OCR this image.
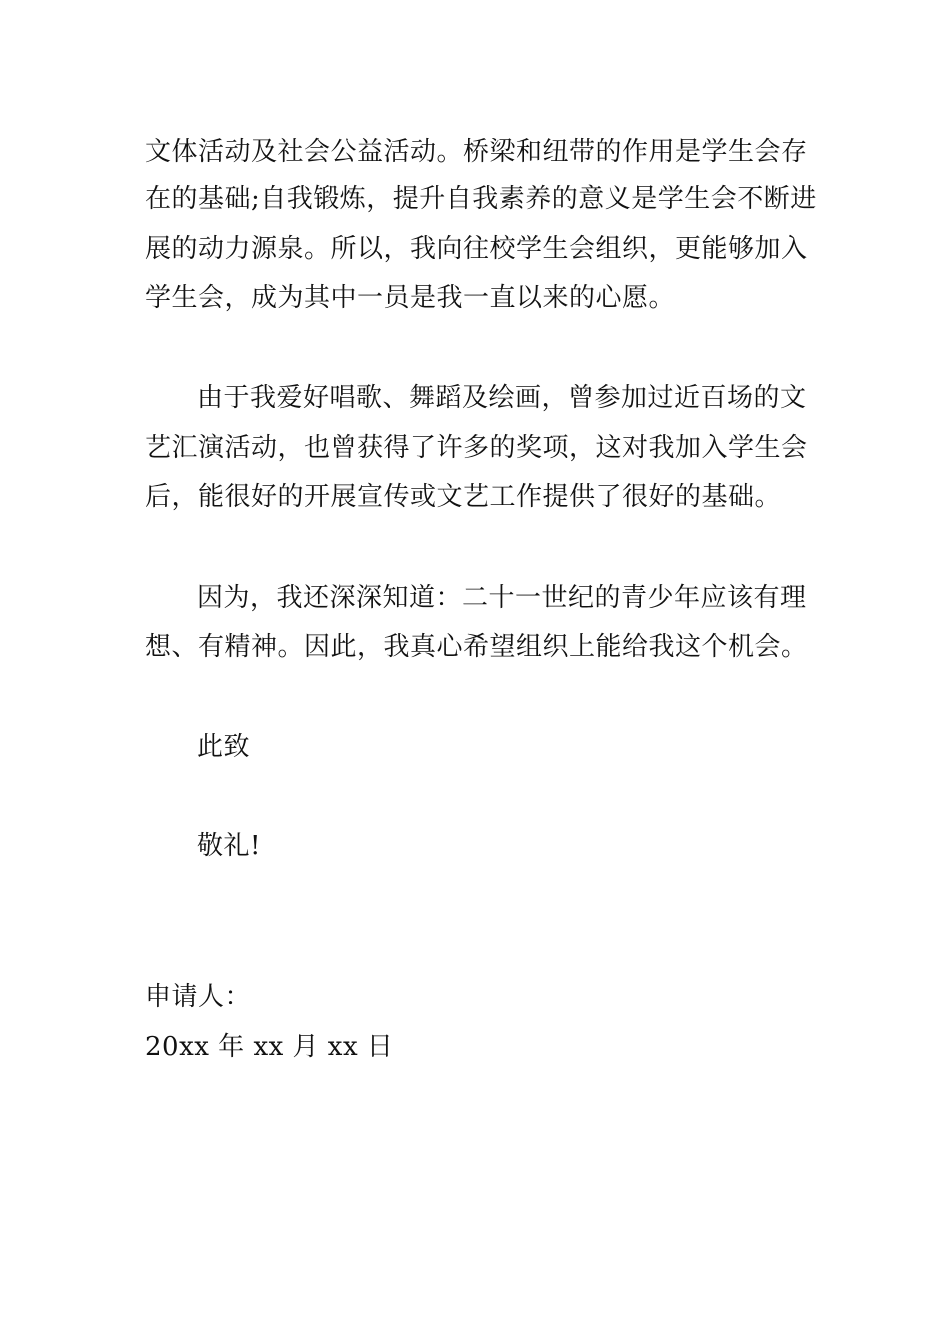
文体活动及社会公益活动。桥梁和纽带的作用是学生会存
在的基础;自我锻炼，提升自我素养的意义是学生会不断进
展的动力源泉。所以，我向往校学生会组织，更能够加入
学生会，成为其中一员是我一直以来的心愿。
由于我爱好唱歌、舞蹈及绘画，曾参加过近百场的文
艺汇演活动，也曾获得了许多的奖项，这对我加入学生会
后，能很好的开展宣传或文艺工作提供了很好的基础。
因为，我还深深知道：二十一世纪的青少年应该有理
想、有精神。因此，我真心希望组织上能给我这个机会。
此致
敬礼!
申请人：
20xx 年 xx 月 xx 日
